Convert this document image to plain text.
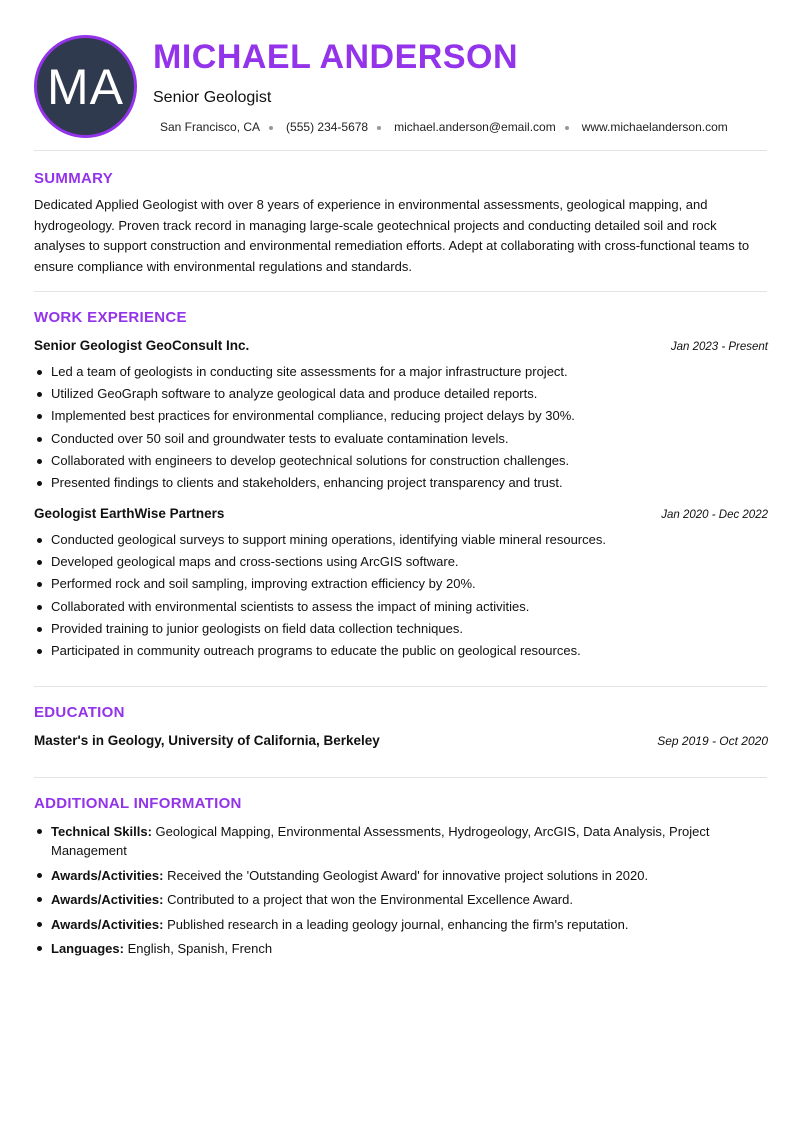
MA
MICHAEL ANDERSON
Senior Geologist
San Francisco, CA (555) 234-5678 michael.anderson@email.com www.michaelanderson.com
SUMMARY
Dedicated Applied Geologist with over 8 years of experience in environmental assessments, geological mapping, and hydrogeology. Proven track record in managing large-scale geotechnical projects and conducting detailed soil and rock analyses to support construction and environmental remediation efforts. Adept at collaborating with cross-functional teams to ensure compliance with environmental regulations and standards.
WORK EXPERIENCE
Senior Geologist GeoConsult Inc.	Jan 2023 - Present
Led a team of geologists in conducting site assessments for a major infrastructure project.
Utilized GeoGraph software to analyze geological data and produce detailed reports.
Implemented best practices for environmental compliance, reducing project delays by 30%.
Conducted over 50 soil and groundwater tests to evaluate contamination levels.
Collaborated with engineers to develop geotechnical solutions for construction challenges.
Presented findings to clients and stakeholders, enhancing project transparency and trust.
Geologist EarthWise Partners	Jan 2020 - Dec 2022
Conducted geological surveys to support mining operations, identifying viable mineral resources.
Developed geological maps and cross-sections using ArcGIS software.
Performed rock and soil sampling, improving extraction efficiency by 20%.
Collaborated with environmental scientists to assess the impact of mining activities.
Provided training to junior geologists on field data collection techniques.
Participated in community outreach programs to educate the public on geological resources.
EDUCATION
Master's in Geology, University of California, Berkeley	Sep 2019 - Oct 2020
ADDITIONAL INFORMATION
Technical Skills: Geological Mapping, Environmental Assessments, Hydrogeology, ArcGIS, Data Analysis, Project Management
Awards/Activities: Received the 'Outstanding Geologist Award' for innovative project solutions in 2020.
Awards/Activities: Contributed to a project that won the Environmental Excellence Award.
Awards/Activities: Published research in a leading geology journal, enhancing the firm's reputation.
Languages: English, Spanish, French
